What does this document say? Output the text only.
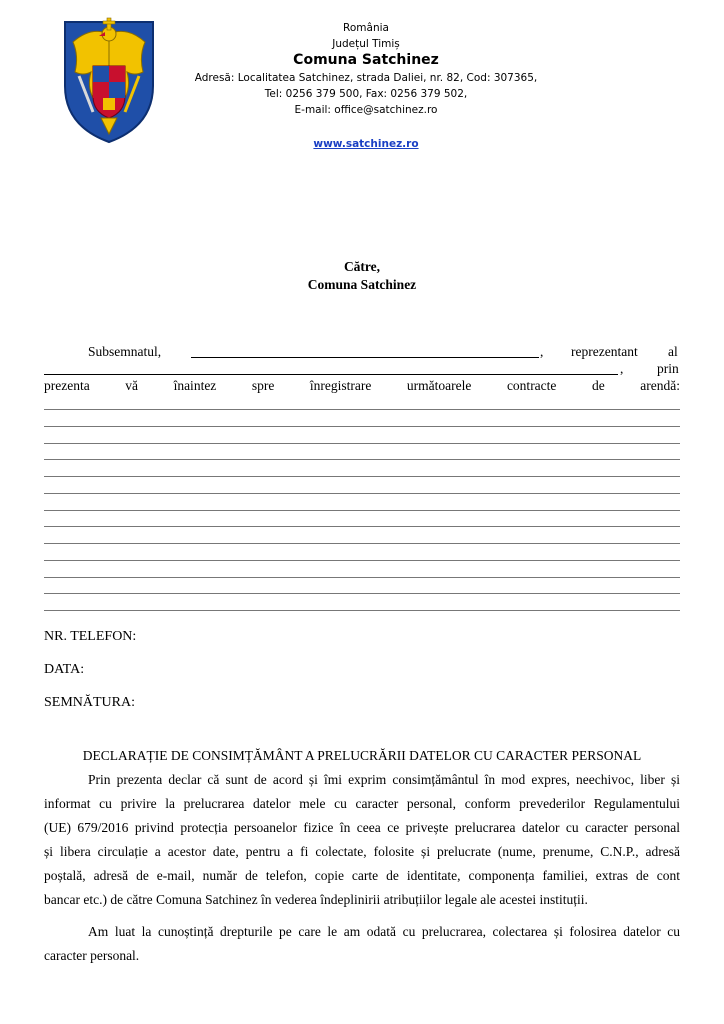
România
Județul Timiș
Comuna Satchinez
Adresă: Localitatea Satchinez, strada Daliei, nr. 82, Cod: 307365,
Tel: 0256 379 500, Fax: 0256 379 502,
E-mail: office@satchinez.ro
www.satchinez.ro
Către,
Comuna Satchinez
Subsemnatul,	, reprezentant al
, prin
prezenta vă înaintez spre înregistrare următoarele contracte de arendă:
NR. TELEFON:
DATA:
SEMNĂTURA:
DECLARAȚIE DE CONSIMȚĂMÂNT A PRELUCRĂRII DATELOR CU CARACTER PERSONAL
Prin prezenta declar că sunt de acord și îmi exprim consimțământul în mod expres, neechivoc, liber și
informat cu privire la prelucrarea datelor mele cu caracter personal, conform prevederilor Regulamentului
(UE) 679/2016 privind protecția persoanelor fizice în ceea ce privește prelucrarea datelor cu caracter personal
și libera circulație a acestor date, pentru a fi colectate, folosite și prelucrate (nume, prenume, C.N.P., adresă
poștală, adresă de e-mail, număr de telefon, copie carte de identitate, componența familiei, extras de cont
bancar etc.) de către Comuna Satchinez în vederea îndeplinirii atribuțiilor legale ale acestei instituții.
Am luat la cunoștință drepturile pe care le am odată cu prelucrarea, colectarea și folosirea datelor cu
caracter personal.
